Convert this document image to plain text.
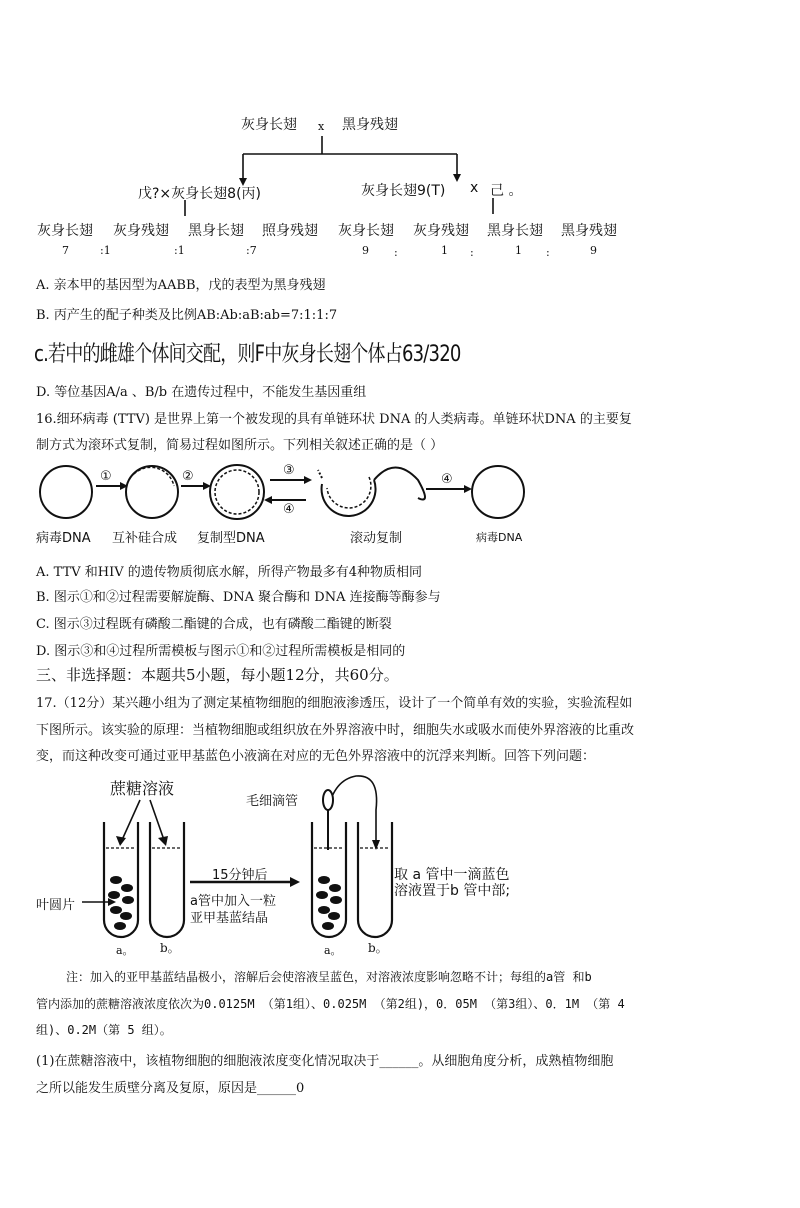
灰身长翅 x 黑身残翅
戊?×灰身长翅8(丙)	灰身长翅9(T) x 己 。
灰身长翅 灰身残翅 黑身长翅 照身残翅 灰身长翅 灰身残翅 黑身长翅 黑身残翅
7	:1	:1	:7	9 :	1 :	1 :	9
A. 亲本甲的基因型为AABB，戊的表型为黑身残翅
B. 丙产生的配子种类及比例AB:Ab:aB:ab=7:1:1:7
c.若中的雌雄个体间交配，则F中灰身长翅个体占63/320
D. 等位基因A/a 、B/b 在遗传过程中，不能发生基因重组
16.细环病毒 (TTV) 是世界上第一个被发现的具有单链环状 DNA 的人类病毒。单链环状DNA 的主要复
制方式为滚环式复制，简易过程如图所示。下列相关叙述正确的是（ ）
①	②	③
④
④
病毒DNA 互补硅合成 复制型DNA	滚动复制	病毒DNA
A. TTV 和HIV 的遗传物质彻底水解，所得产物最多有4种物质相同
B. 图示①和②过程需要解旋酶、DNA 聚合酶和 DNA 连接酶等酶参与
C. 图示③过程既有磷酸二酯键的合成，也有磷酸二酯键的断裂
D. 图示③和④过程所需模板与图示①和②过程所需模板是相同的
三、非选择题：本题共5小题，每小题12分，共60分。
17.（12分）某兴趣小组为了测定某植物细胞的细胞液渗透压，设计了一个简单有效的实验，实验流程如
下图所示。该实验的原理：当植物细胞或组织放在外界溶液中时，细胞失水或吸水而使外界溶液的比重改
变，而这种改变可通过亚甲基蓝色小液滴在对应的无色外界溶液中的沉浮来判断。回答下列问题：
蔗糖溶液
毛细滴管
叶圆片
15分钟后
a管中加入一粒
亚甲基蓝结晶
取 a 管中一滴蓝色
溶液置于b 管中部;
a。 b。	a。 b。
注：加入的亚甲基蓝结晶极小，溶解后会使溶液呈蓝色，对溶液浓度影响忽略不计；每组的a管 和b
管内添加的蔗糖溶液浓度依次为0.0125M （第1组）、0.025M （第2组)，0．05M （第3组）、0．1M （第 4
组)、0.2M（第 5 组）。
(1)在蔗糖溶液中，该植物细胞的细胞液浓度变化情况取决于______。从细胞角度分析，成熟植物细胞
之所以能发生质壁分离及复原，原因是______0
